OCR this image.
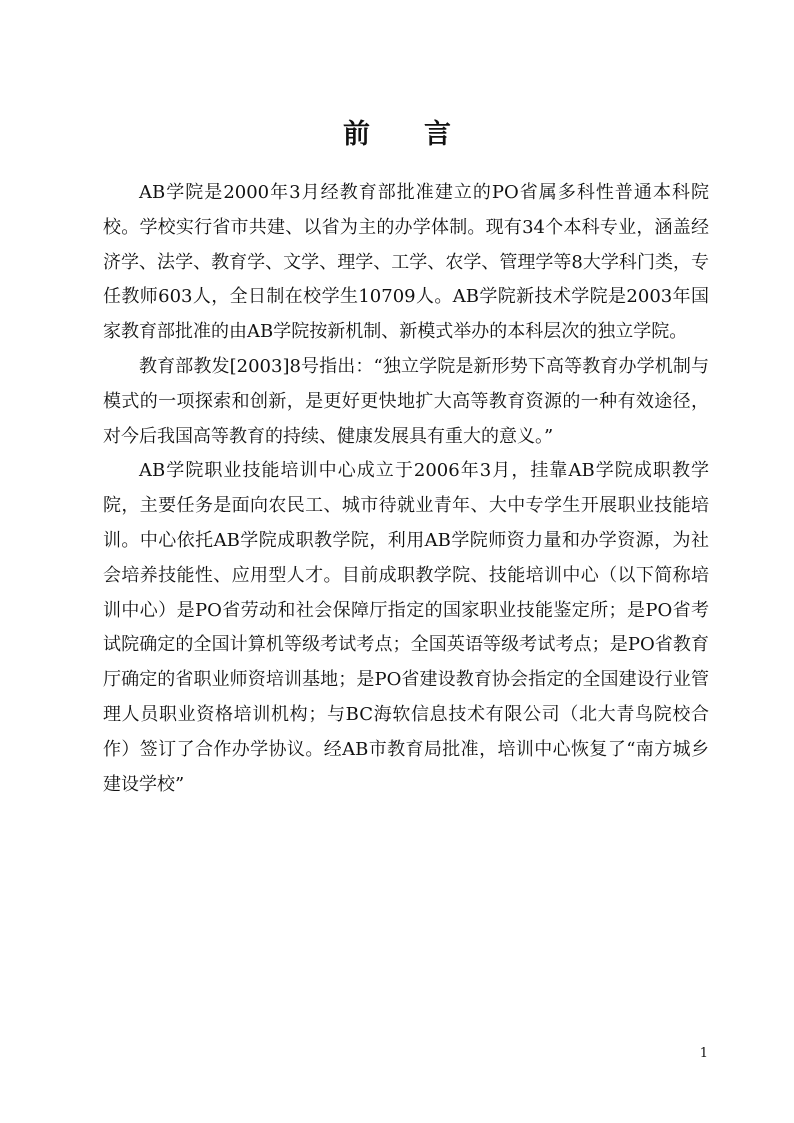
前 言

AB学院是2000年3月经教育部批准建立的PO省属多科性普通本科院校。学校实行省市共建、以省为主的办学体制。现有34个本科专业，涵盖经济学、法学、教育学、文学、理学、工学、农学、管理学等8大学科门类，专任教师603人，全日制在校学生10709人。AB学院新技术学院是2003年国家教育部批准的由AB学院按新机制、新模式举办的本科层次的独立学院。

教育部教发[2003]8号指出：“独立学院是新形势下高等教育办学机制与模式的一项探索和创新，是更好更快地扩大高等教育资源的一种有效途径，对今后我国高等教育的持续、健康发展具有重大的意义。”

AB学院职业技能培训中心成立于2006年3月，挂靠AB学院成职教学院，主要任务是面向农民工、城市待就业青年、大中专学生开展职业技能培训。中心依托AB学院成职教学院，利用AB学院师资力量和办学资源，为社会培养技能性、应用型人才。目前成职教学院、技能培训中心（以下简称培训中心）是PO省劳动和社会保障厅指定的国家职业技能鉴定所；是PO省考试院确定的全国计算机等级考试考点；全国英语等级考试考点；是PO省教育厅确定的省职业师资培训基地；是PO省建设教育协会指定的全国建设行业管理人员职业资格培训机构；与BC海软信息技术有限公司（北大青鸟院校合作）签订了合作办学协议。经AB市教育局批准，培训中心恢复了“南方城乡建设学校”

1
